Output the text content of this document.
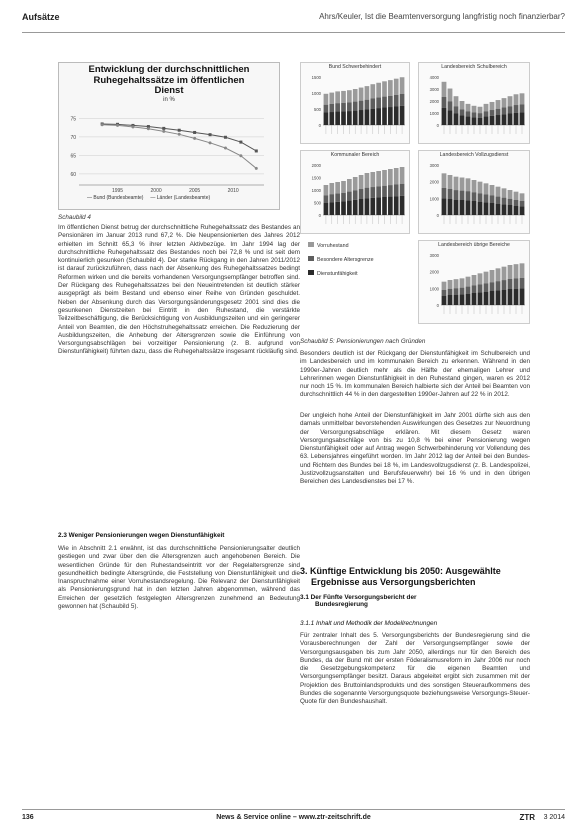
Aufsätze	Ahrs/Keuler, Ist die Beamtenversorgung langfristig noch finanzierbar?
Entwicklung der durchschnittlichen
Ruhegehaltssätze im öffentlichen
Dienst
in %
75
70
65
60
1995	2000	2005	2010
— Bund (Bundesbeamte) — Länder (Landesbeamte)
Schaubild 4
Im öffentlichen Dienst betrug der durchschnittliche Ruhegehaltssatz des Bestandes an Pensionären im Januar 2013 rund 67,2 %. Die Neupensionierten des Jahres 2012 erhielten im Schnitt 65,3 % ihrer letzten Aktivbezüge. Im Jahr 1994 lag der durchschnittliche Ruhegehaltssatz des Bestandes noch bei 72,8 % und ist seit dem kontinuierlich gesunken (Schaubild 4). Der starke Rückgang in den Jahren 2011/2012 ist darauf zurückzuführen, dass nach der Absenkung des Ruhegehaltssatzes bedingt Reformen wirken und die bereits vorhandenen Versorgungsempfänger betroffen sind. Der Rückgang des Ruhegehaltssatzes bei den Neueintretenden ist deutlich stärker ausgeprägt als beim Bestand und ebenso einer Reihe von Gründen geschuldet. Neben der Absenkung durch das Versorgungsänderungsgesetz 2001 sind dies die gesunkenen Dienstzeiten bei Eintritt in den Ruhestand, die verstärkte Teilzeitbeschäftigung, die Berücksichtigung von Ausbildungszeiten und ein geringerer Anteil von Beamten, die den Höchstruhegehaltssatz erreichen. Die Reduzierung der Ausbildungszeiten, die Anhebung der Altersgrenzen sowie die Einführung von Versorgungsabschlägen bei vorzeitiger Pensionierung (z. B. aufgrund von Dienstunfähigkeit) führten dazu, dass die Ruhegehaltssätze insgesamt rückläufig sind.
2.3 Weniger Pensionierungen wegen Dienstunfähigkeit
Wie in Abschnitt 2.1 erwähnt, ist das durchschnittliche Pensionierungsalter deutlich gestiegen und zwar über den die Altersgrenzen auch angehobenen Bereich. Die wesentlichen Gründe für den Ruhestandseintritt vor der Regelaltersgrenze sind gesundheitlich bedingte Altersgründe, die Feststellung von Dienstunfähigkeit und die Inanspruchnahme einer Vorruhestandsregelung. Die Relevanz der Dienstunfähigkeit als Pensionierungsgrund hat in den letzten Jahren abgenommen, während das Erreichen der gesetzlich festgelegten Altersgrenzen zunehmend an Bedeutung gewonnen hat (Schaubild 5).
Bund Schwerbehindert
1500
1000
500
0
Landesbereich Schulbereich
4000
3000
2000
1000
0
Kommunaler Bereich
2000
1500
1000
500
0
Landesbereich Vollzugsdienst
3000
2000
1000
0
Landesbereich übrige Bereiche
3000
2000
1000
0
Vorruhestand
Besondere Altersgrenze
Dienstunfähigkeit
Schaubild 5: Pensionierungen nach Gründen
Besonders deutlich ist der Rückgang der Dienstunfähigkeit im Schulbereich und im Landesbereich und im kommunalen Bereich zu erkennen. Während in den 1990er-Jahren deutlich mehr als die Hälfte der ehemaligen Lehrer und Lehrerinnen wegen Dienstunfähigkeit in den Ruhestand gingen, waren es 2012 nur noch 15 %. Im kommunalen Bereich halbierte sich der Anteil bei Beamten von durchschnittlich 44 % in den dargestellten 1990er-Jahren auf 22 % in 2012.
Der ungleich hohe Anteil der Dienstunfähigkeit im Jahr 2001 dürfte sich aus den damals unmittelbar bevorstehenden Auswirkungen des Gesetzes zur Neuordnung der Versorgungsabschläge erklären. Mit diesem Gesetz waren Versorgungsabschläge von bis zu 10,8 % bei einer Pensionierung wegen Dienstunfähigkeit oder auf Antrag wegen Schwerbehinderung vor Vollendung des 63. Lebensjahres eingeführt worden. Im Jahr 2012 lag der Anteil bei den Bundes- und Richtern des Bundes bei 18 %, im Landesvollzugsdienst (z. B. Landespolizei, Justizvollzugsanstalten und Berufsfeuerwehr) bei 16 % und in den übrigen Bereichen des Landesdienstes bei 17 %.
3. Künftige Entwicklung bis 2050: Ausgewählte
Ergebnisse aus Versorgungsberichten
3.1 Der Fünfte Versorgungsbericht der
Bundesregierung
3.1.1 Inhalt und Methodik der Modellrechnungen
Für zentraler Inhalt des 5. Versorgungsberichts der Bundesregierung sind die Vorausberechnungen der Zahl der Versorgungsempfänger sowie der Versorgungsausgaben bis zum Jahr 2050, allerdings nur für den Bereich des Bundes, da der Bund mit der ersten Föderalismusreform im Jahr 2006 nur noch die Gesetzgebungskompetenz für die eigenen Beamten und Versorgungsempfänger besitzt. Daraus abgeleitet ergibt sich zusammen mit der Projektion des Bruttoinlandsprodukts und des sonstigen Steueraufkommens des Bundes die sogenannte Versorgungsquote beziehungsweise Versorgungs-Steuer-Quote für den Bundeshaushalt.
136	News & Service online – www.ztr-zeitschrift.de	ZTR 3 2014
